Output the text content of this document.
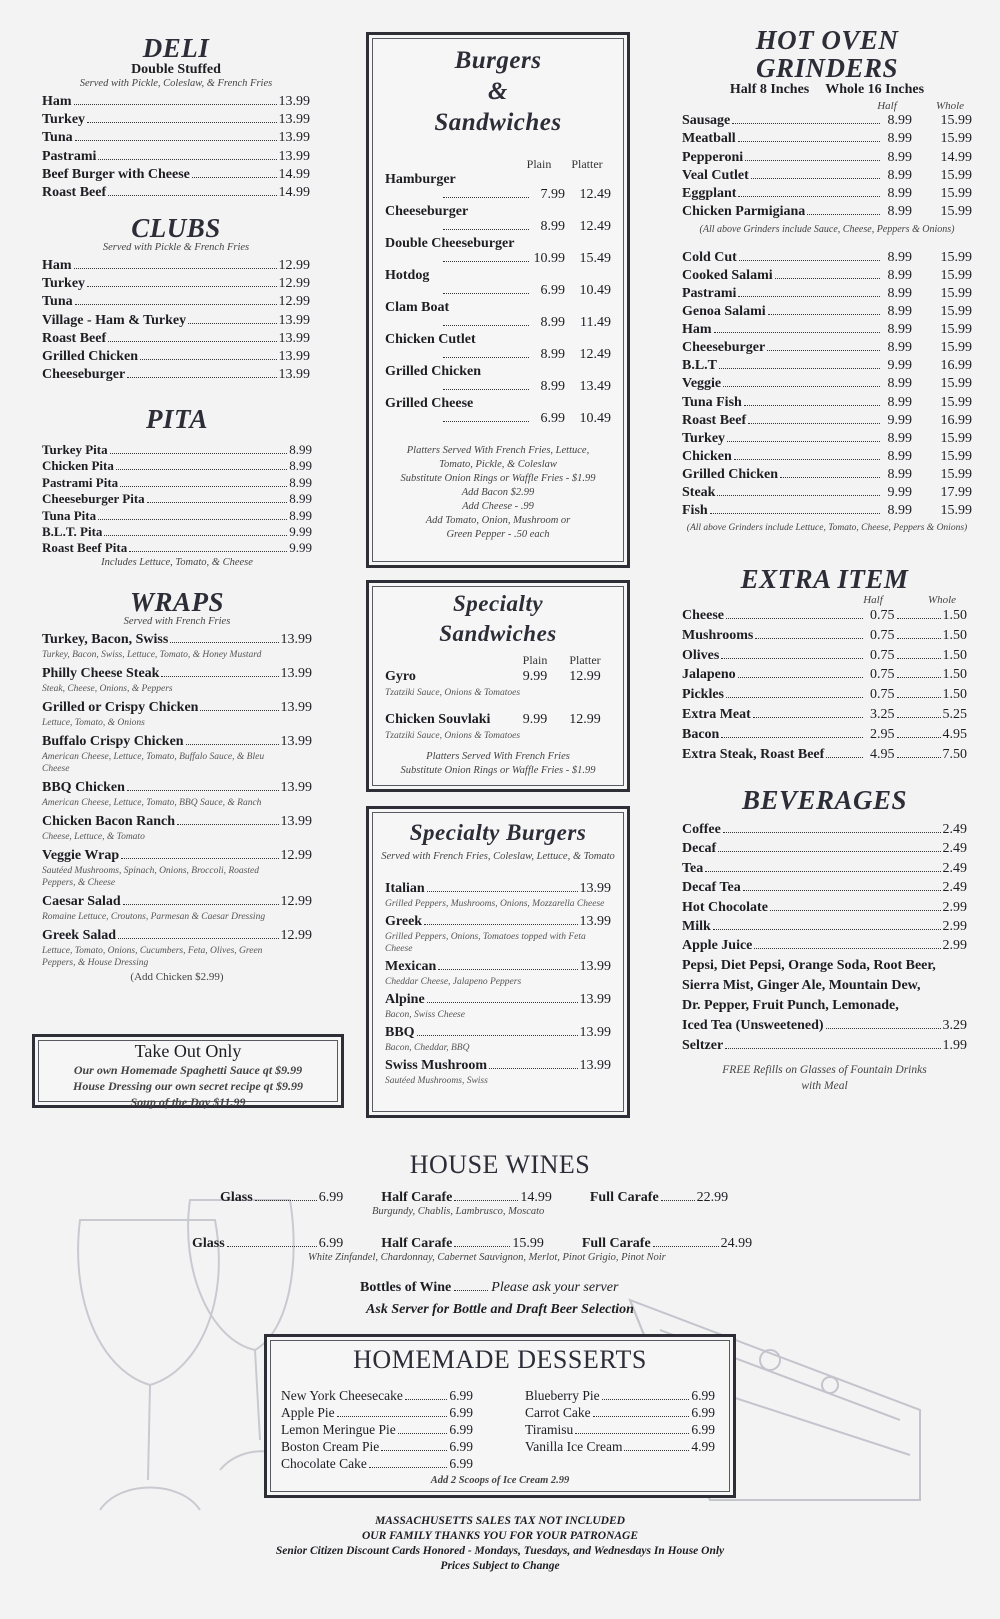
DELI
Double Stuffed
Served with Pickle, Coleslaw, & French Fries
Ham	13.99
Turkey	13.99
Tuna	13.99
Pastrami	13.99
Beef Burger with Cheese	14.99
Roast Beef	14.99
CLUBS
Served with Pickle & French Fries
Ham	12.99
Turkey	12.99
Tuna	12.99
Village - Ham & Turkey	13.99
Roast Beef	13.99
Grilled Chicken	13.99
Cheeseburger	13.99
PITA
Turkey Pita	8.99
Chicken Pita	8.99
Pastrami Pita	8.99
Cheeseburger Pita	8.99
Tuna Pita	8.99
B.L.T. Pita	9.99
Roast Beef Pita	9.99
Includes Lettuce, Tomato, & Cheese
WRAPS
Served with French Fries
Turkey, Bacon, Swiss	13.99
Turkey, Bacon, Swiss, Lettuce, Tomato, & Honey Mustard
Philly Cheese Steak	13.99
Steak, Cheese, Onions, & Peppers
Grilled or Crispy Chicken	13.99
Lettuce, Tomato, & Onions
Buffalo Crispy Chicken	13.99
American Cheese, Lettuce, Tomato, Buffalo Sauce, & Bleu Cheese
BBQ Chicken	13.99
American Cheese, Lettuce, Tomato, BBQ Sauce, & Ranch
Chicken Bacon Ranch	13.99
Cheese, Lettuce, & Tomato
Veggie Wrap	12.99
Sautéed Mushrooms, Spinach, Onions, Broccoli, Roasted Peppers, & Cheese
Caesar Salad	12.99
Romaine Lettuce, Croutons, Parmesan & Caesar Dressing
Greek Salad	12.99
Lettuce, Tomato, Onions, Cucumbers, Feta, Olives, Green Peppers, & House Dressing
(Add Chicken $2.99)
Take Out Only
Our own Homemade Spaghetti Sauce qt $9.99
House Dressing our own secret recipe qt $9.99
Soup of the Day $11.99
Burgers
&
Sandwiches
Plain	Platter
Hamburger
7.99	12.49
Cheeseburger
8.99	12.49
Double Cheeseburger
10.99	15.49
Hotdog
6.99	10.49
Clam Boat
8.99	11.49
Chicken Cutlet
8.99	12.49
Grilled Chicken
8.99	13.49
Grilled Cheese
6.99	10.49
Platters Served With French Fries, Lettuce,
Tomato, Pickle, & Coleslaw
Substitute Onion Rings or Waffle Fries - $1.99
Add Bacon $2.99
Add Cheese - .99
Add Tomato, Onion, Mushroom or
Green Pepper - .50 each
Specialty
Sandwiches
Plain	Platter
Gyro	9.99	12.99
Tzatziki Sauce, Onions & Tomatoes
Chicken Souvlaki	9.99	12.99
Tzatziki Sauce, Onions & Tomatoes
Platters Served With French Fries
Substitute Onion Rings or Waffle Fries - $1.99
Specialty Burgers
Served with French Fries, Coleslaw, Lettuce, & Tomato
Italian	13.99
Grilled Peppers, Mushrooms, Onions, Mozzarella Cheese
Greek	13.99
Grilled Peppers, Onions, Tomatoes topped with Feta Cheese
Mexican	13.99
Cheddar Cheese, Jalapeno Peppers
Alpine	13.99
Bacon, Swiss Cheese
BBQ	13.99
Bacon, Cheddar, BBQ
Swiss Mushroom	13.99
Sautéed Mushrooms, Swiss
HOT OVEN GRINDERS
Half 8 Inches Whole 16 Inches
Half	Whole
Sausage	8.99	15.99
Meatball	8.99	15.99
Pepperoni	8.99	14.99
Veal Cutlet	8.99	15.99
Eggplant	8.99	15.99
Chicken Parmigiana	8.99	15.99
(All above Grinders include Sauce, Cheese, Peppers & Onions)
Cold Cut	8.99	15.99
Cooked Salami	8.99	15.99
Pastrami	8.99	15.99
Genoa Salami	8.99	15.99
Ham	8.99	15.99
Cheeseburger	8.99	15.99
B.L.T	9.99	16.99
Veggie	8.99	15.99
Tuna Fish	8.99	15.99
Roast Beef	9.99	16.99
Turkey	8.99	15.99
Chicken	8.99	15.99
Grilled Chicken	8.99	15.99
Steak	9.99	17.99
Fish	8.99	15.99
(All above Grinders include Lettuce, Tomato, Cheese, Peppers & Onions)
EXTRA ITEM
Half	Whole
Cheese	0.75	1.50
Mushrooms	0.75	1.50
Olives	0.75	1.50
Jalapeno	0.75	1.50
Pickles	0.75	1.50
Extra Meat	3.25	5.25
Bacon	2.95	4.95
Extra Steak, Roast Beef	4.95	7.50
BEVERAGES
Coffee	2.49
Decaf	2.49
Tea	2.49
Decaf Tea	2.49
Hot Chocolate	2.99
Milk	2.99
Apple Juice	2.99
Pepsi, Diet Pepsi, Orange Soda, Root Beer,
Sierra Mist, Ginger Ale, Mountain Dew,
Dr. Pepper, Fruit Punch, Lemonade,
Iced Tea (Unsweetened)	3.29
Seltzer	1.99
FREE Refills on Glasses of Fountain Drinks
with Meal
HOUSE WINES
Glass	6.99	Half Carafe	14.99	Full Carafe	22.99
Burgundy, Chablis, Lambrusco, Moscato
Glass	6.99	Half Carafe	15.99	Full Carafe	24.99
White Zinfandel, Chardonnay, Cabernet Sauvignon, Merlot, Pinot Grigio, Pinot Noir
Bottles of Wine	Please ask your server
Ask Server for Bottle and Draft Beer Selection
HOMEMADE DESSERTS
New York Cheesecake	6.99
Apple Pie	6.99
Lemon Meringue Pie	6.99
Boston Cream Pie	6.99
Chocolate Cake	6.99
Blueberry Pie	6.99
Carrot Cake	6.99
Tiramisu	6.99
Vanilla Ice Cream	4.99
Add 2 Scoops of Ice Cream 2.99
MASSACHUSETTS SALES TAX NOT INCLUDED
OUR FAMILY THANKS YOU FOR YOUR PATRONAGE
Senior Citizen Discount Cards Honored - Mondays, Tuesdays, and Wednesdays In House Only
Prices Subject to Change
